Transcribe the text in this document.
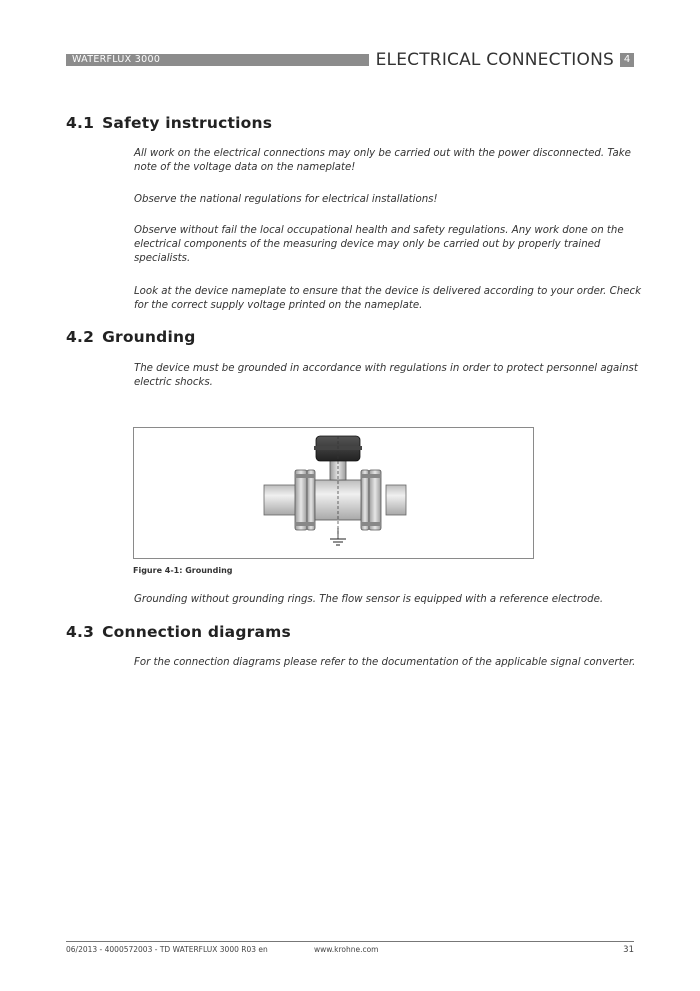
WATERFLUX 3000	ELECTRICAL CONNECTIONS 4
4.1 Safety instructions

All work on the electrical connections may only be carried out with the power disconnected. Take note of the voltage data on the nameplate!

Observe the national regulations for electrical installations!

Observe without fail the local occupational health and safety regulations. Any work done on the electrical components of the measuring device may only be carried out by properly trained specialists.

Look at the device nameplate to ensure that the device is delivered according to your order. Check for the correct supply voltage printed on the nameplate.

4.2 Grounding

The device must be grounded in accordance with regulations in order to protect personnel against electric shocks.

Figure 4-1: Grounding

Grounding without grounding rings. The flow sensor is equipped with a reference electrode.

4.3 Connection diagrams

For the connection diagrams please refer to the documentation of the applicable signal converter.

06/2013 - 4000572003 - TD WATERFLUX 3000 R03 en	www.krohne.com	31
